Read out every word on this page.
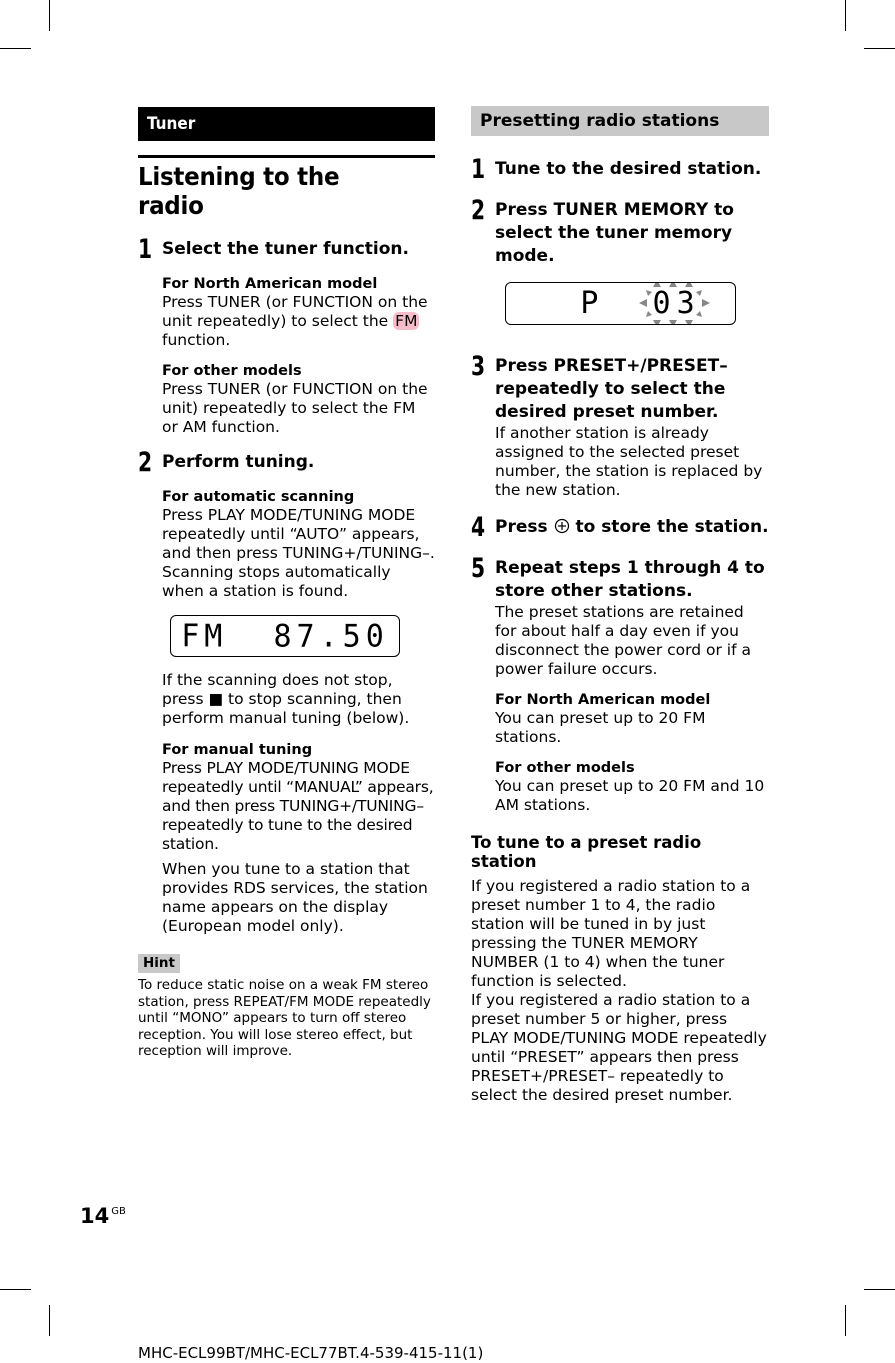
Tuner
Listening to the radio
1 Select the tuner function.
For North American model
Press TUNER (or FUNCTION on the unit repeatedly) to select the FM function.
For other models
Press TUNER (or FUNCTION on the unit) repeatedly to select the FM or AM function.
2 Perform tuning.
For automatic scanning
Press PLAY MODE/TUNING MODE repeatedly until “AUTO” appears, and then press TUNING+/TUNING–. Scanning stops automatically when a station is found.
FM  87.50
If the scanning does not stop, press ■ to stop scanning, then perform manual tuning (below).
For manual tuning
Press PLAY MODE/TUNING MODE repeatedly until “MANUAL” appears, and then press TUNING+/TUNING– repeatedly to tune to the desired station.
When you tune to a station that provides RDS services, the station name appears on the display (European model only).
Hint
To reduce static noise on a weak FM stereo station, press REPEAT/FM MODE repeatedly until “MONO” appears to turn off stereo reception. You will lose stereo effect, but reception will improve.
Presetting radio stations
1 Tune to the desired station.
2 Press TUNER MEMORY to select the tuner memory mode.
P  03
3 Press PRESET+/PRESET– repeatedly to select the desired preset number.
If another station is already assigned to the selected preset number, the station is replaced by the new station.
4 Press to store the station.
5 Repeat steps 1 through 4 to store other stations.
The preset stations are retained for about half a day even if you disconnect the power cord or if a power failure occurs.
For North American model
You can preset up to 20 FM stations.
For other models
You can preset up to 20 FM and 10 AM stations.
To tune to a preset radio station
If you registered a radio station to a preset number 1 to 4, the radio station will be tuned in by just pressing the TUNER MEMORY NUMBER (1 to 4) when the tuner function is selected.
If you registered a radio station to a preset number 5 or higher, press PLAY MODE/TUNING MODE repeatedly until “PRESET” appears then press PRESET+/PRESET– repeatedly to select the desired preset number.
14 $^{GB}$
MHC-ECL99BT/MHC-ECL77BT.4-539-415-11(1)
